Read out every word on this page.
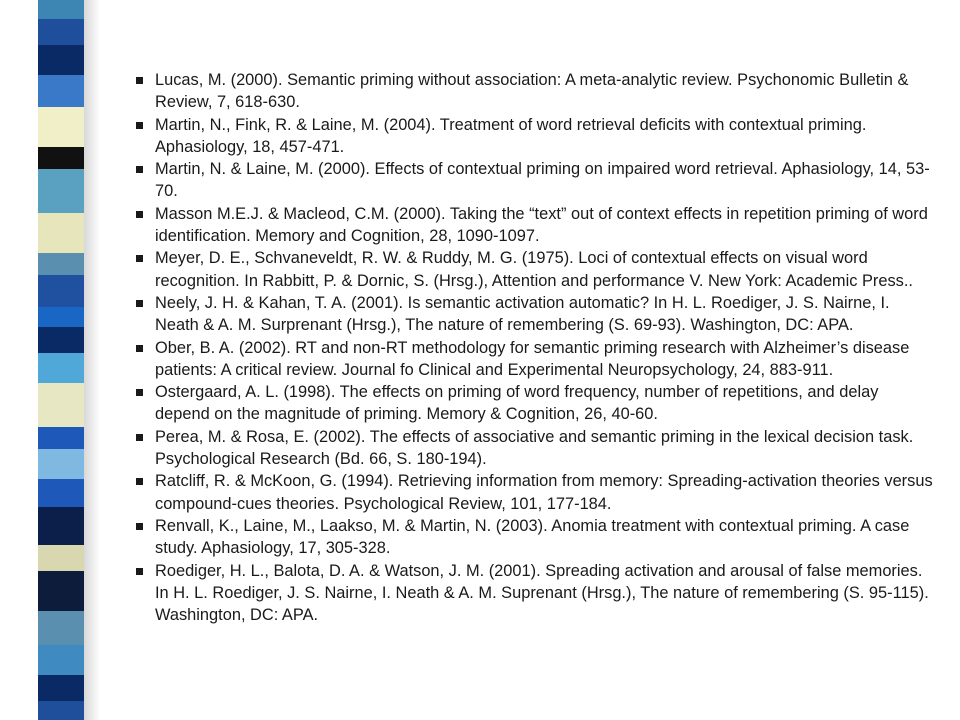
Lucas, M. (2000). Semantic priming without association: A meta-analytic review. Psychonomic Bulletin & Review, 7, 618-630.
Martin, N., Fink, R. & Laine, M. (2004). Treatment of word retrieval deficits with contextual priming. Aphasiology, 18, 457-471.
Martin, N. & Laine, M. (2000). Effects of contextual priming on impaired word retrieval. Aphasiology, 14, 53-70.
Masson M.E.J. & Macleod, C.M. (2000). Taking the “text” out of context effects in repetition priming of word identification. Memory and Cognition, 28, 1090-1097.
Meyer, D. E., Schvaneveldt, R. W. & Ruddy, M. G. (1975). Loci of contextual effects on visual word recognition. In Rabbitt, P. & Dornic, S. (Hrsg.), Attention and performance V. New York: Academic Press..
Neely, J. H. & Kahan, T. A. (2001). Is semantic activation automatic? In H. L. Roediger, J. S. Nairne, I. Neath & A. M. Surprenant (Hrsg.), The nature of remembering (S. 69-93). Washington, DC: APA.
Ober, B. A. (2002). RT and non-RT methodology for semantic priming research with Alzheimer’s disease patients: A critical review. Journal fo Clinical and Experimental Neuropsychology, 24, 883-911.
Ostergaard, A. L. (1998). The effects on priming of word frequency, number of repetitions, and delay depend on the magnitude of priming. Memory & Cognition, 26, 40-60.
Perea, M. & Rosa, E. (2002). The effects of associative and semantic priming in the lexical decision task. Psychological Research (Bd. 66, S. 180-194).
Ratcliff, R. & McKoon, G. (1994). Retrieving information from memory: Spreading-activation theories versus compound-cues theories. Psychological Review, 101, 177-184.
Renvall, K., Laine, M., Laakso, M. & Martin, N. (2003). Anomia treatment with contextual priming. A case study. Aphasiology, 17, 305-328.
Roediger, H. L., Balota, D. A. & Watson, J. M. (2001). Spreading activation and arousal of false memories. In H. L. Roediger, J. S. Nairne, I. Neath & A. M. Suprenant (Hrsg.), The nature of remembering (S. 95-115). Washington, DC: APA.
